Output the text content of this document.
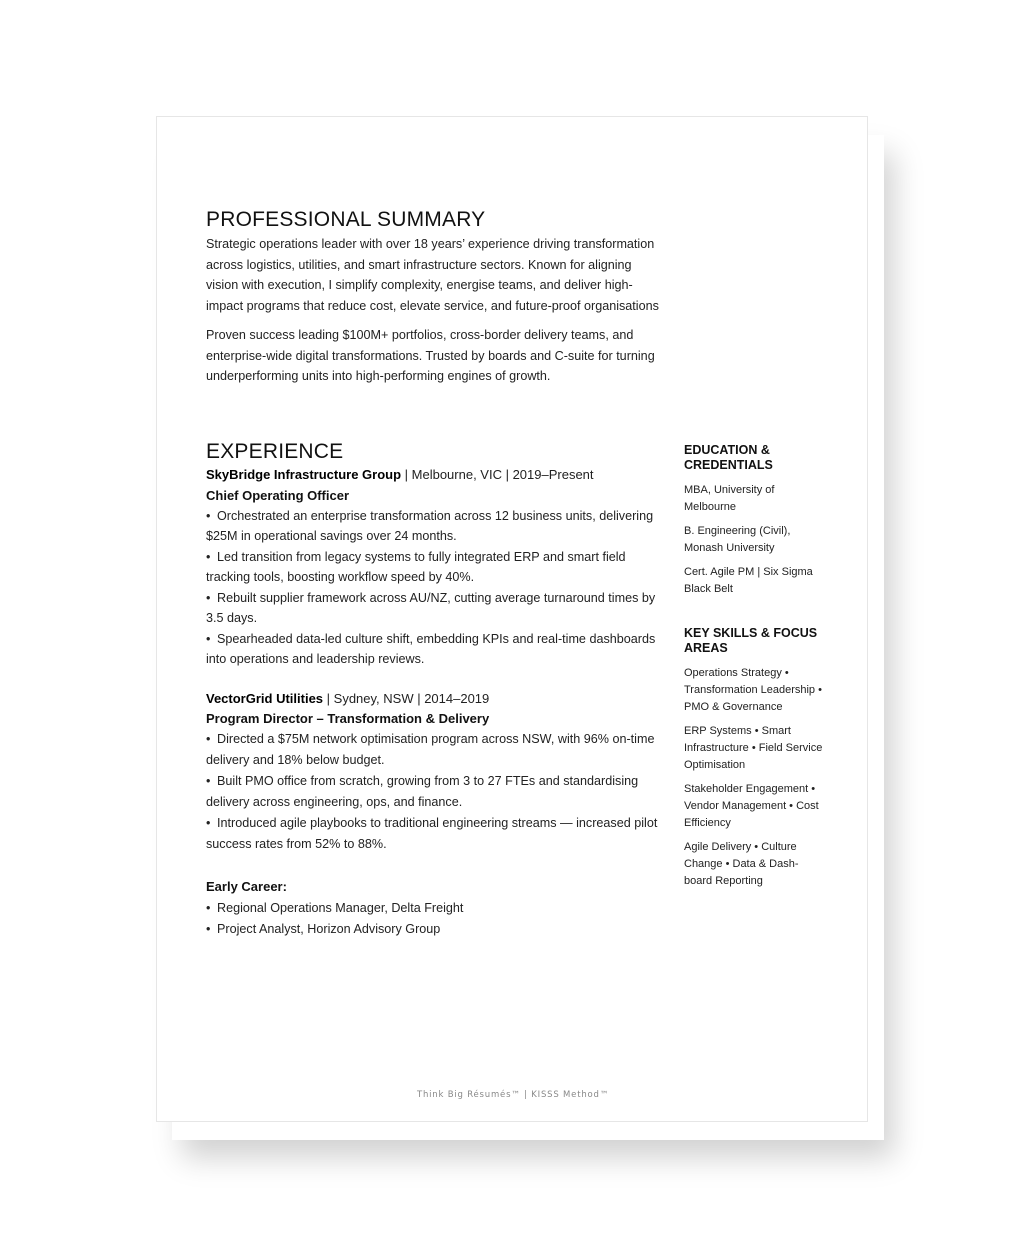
PROFESSIONAL SUMMARY

Strategic operations leader with over 18 years’ experience driving transformation across logistics, utilities, and smart infrastructure sectors. Known for aligning vision with execution, I simplify complexity, energise teams, and deliver high-impact programs that reduce cost, elevate service, and future-proof organisations

Proven success leading $100M+ portfolios, cross-border delivery teams, and enterprise-wide digital transformations. Trusted by boards and C-suite for turning underperforming units into high-performing engines of growth.

EXPERIENCE
SkyBridge Infrastructure Group | Melbourne, VIC | 2019–Present
Chief Operating Officer
• Orchestrated an enterprise transformation across 12 business units, delivering $25M in operational savings over 24 months.
• Led transition from legacy systems to fully integrated ERP and smart field tracking tools, boosting workflow speed by 40%.
• Rebuilt supplier framework across AU/NZ, cutting average turnaround times by 3.5 days.
• Spearheaded data-led culture shift, embedding KPIs and real-time dashboards into operations and leadership reviews.
VectorGrid Utilities | Sydney, NSW | 2014–2019
Program Director – Transformation & Delivery
• Directed a $75M network optimisation program across NSW, with 96% on-time delivery and 18% below budget.
• Built PMO office from scratch, growing from 3 to 27 FTEs and standardising delivery across engineering, ops, and finance.
• Introduced agile playbooks to traditional engineering streams — increased pilot success rates from 52% to 88%.
Early Career:
• Regional Operations Manager, Delta Freight
• Project Analyst, Horizon Advisory Group
EDUCATION & CREDENTIALS
MBA, University of Melbourne
B. Engineering (Civil), Monash University
Cert. Agile PM | Six Sigma Black Belt
KEY SKILLS & FOCUS AREAS
Operations Strategy • Transformation Leadership • PMO & Governance
ERP Systems • Smart Infrastructure • Field Service Optimisation
Stakeholder Engagement • Vendor Management • Cost Efficiency
Agile Delivery • Culture Change • Data & Dash-board Reporting
Think Big Résumés™ | KISSS Method™
